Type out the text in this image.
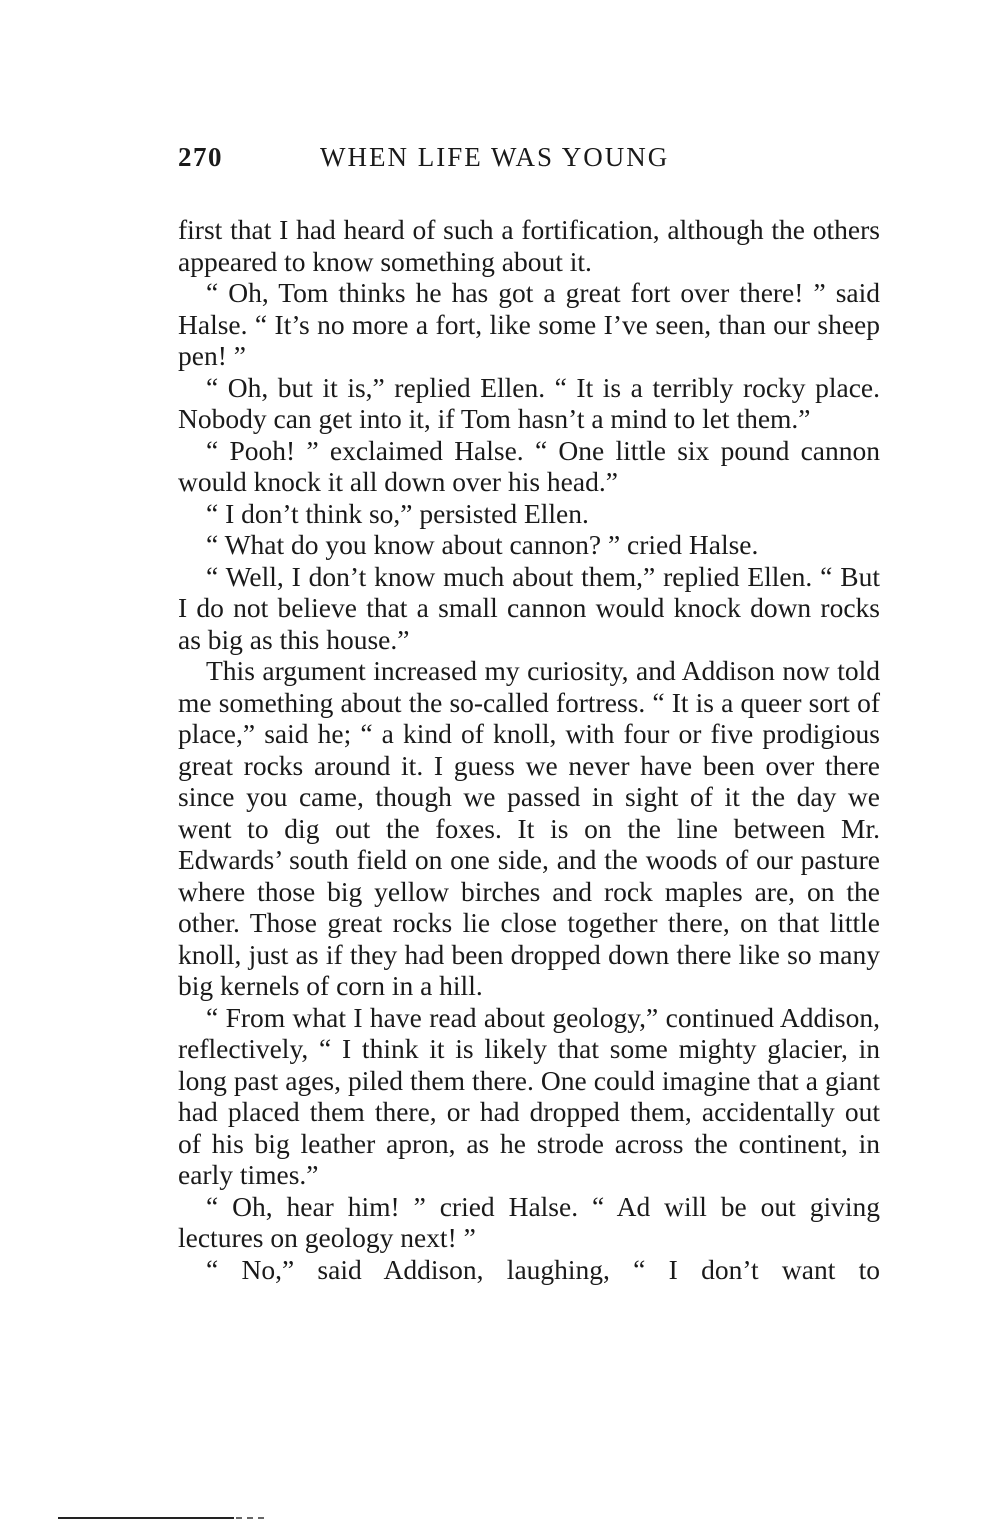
270	WHEN LIFE WAS YOUNG

first that I had heard of such a fortification, although the others appeared to know something about it.

“ Oh, Tom thinks he has got a great fort over there! ” said Halse. “ It’s no more a fort, like some I’ve seen, than our sheep pen! ”

“ Oh, but it is,” replied Ellen. “ It is a terribly rocky place. Nobody can get into it, if Tom hasn’t a mind to let them.”

“ Pooh! ” exclaimed Halse. “ One little six pound cannon would knock it all down over his head.”

“ I don’t think so,” persisted Ellen.

“ What do you know about cannon? ” cried Halse.

“ Well, I don’t know much about them,” replied Ellen. “ But I do not believe that a small cannon would knock down rocks as big as this house.”

This argument increased my curiosity, and Addison now told me something about the so-called fortress. “ It is a queer sort of place,” said he; “ a kind of knoll, with four or five prodigious great rocks around it. I guess we never have been over there since you came, though we passed in sight of it the day we went to dig out the foxes. It is on the line between Mr. Edwards’ south field on one side, and the woods of our pasture where those big yellow birches and rock maples are, on the other. Those great rocks lie close together there, on that little knoll, just as if they had been dropped down there like so many big kernels of corn in a hill.

“ From what I have read about geology,” continued Addison, reflectively, “ I think it is likely that some mighty glacier, in long past ages, piled them there. One could imagine that a giant had placed them there, or had dropped them, accidentally out of his big leather apron, as he strode across the continent, in early times.”

“ Oh, hear him! ” cried Halse. “ Ad will be out giving lectures on geology next! ”

“ No,” said Addison, laughing, “ I don’t want to
